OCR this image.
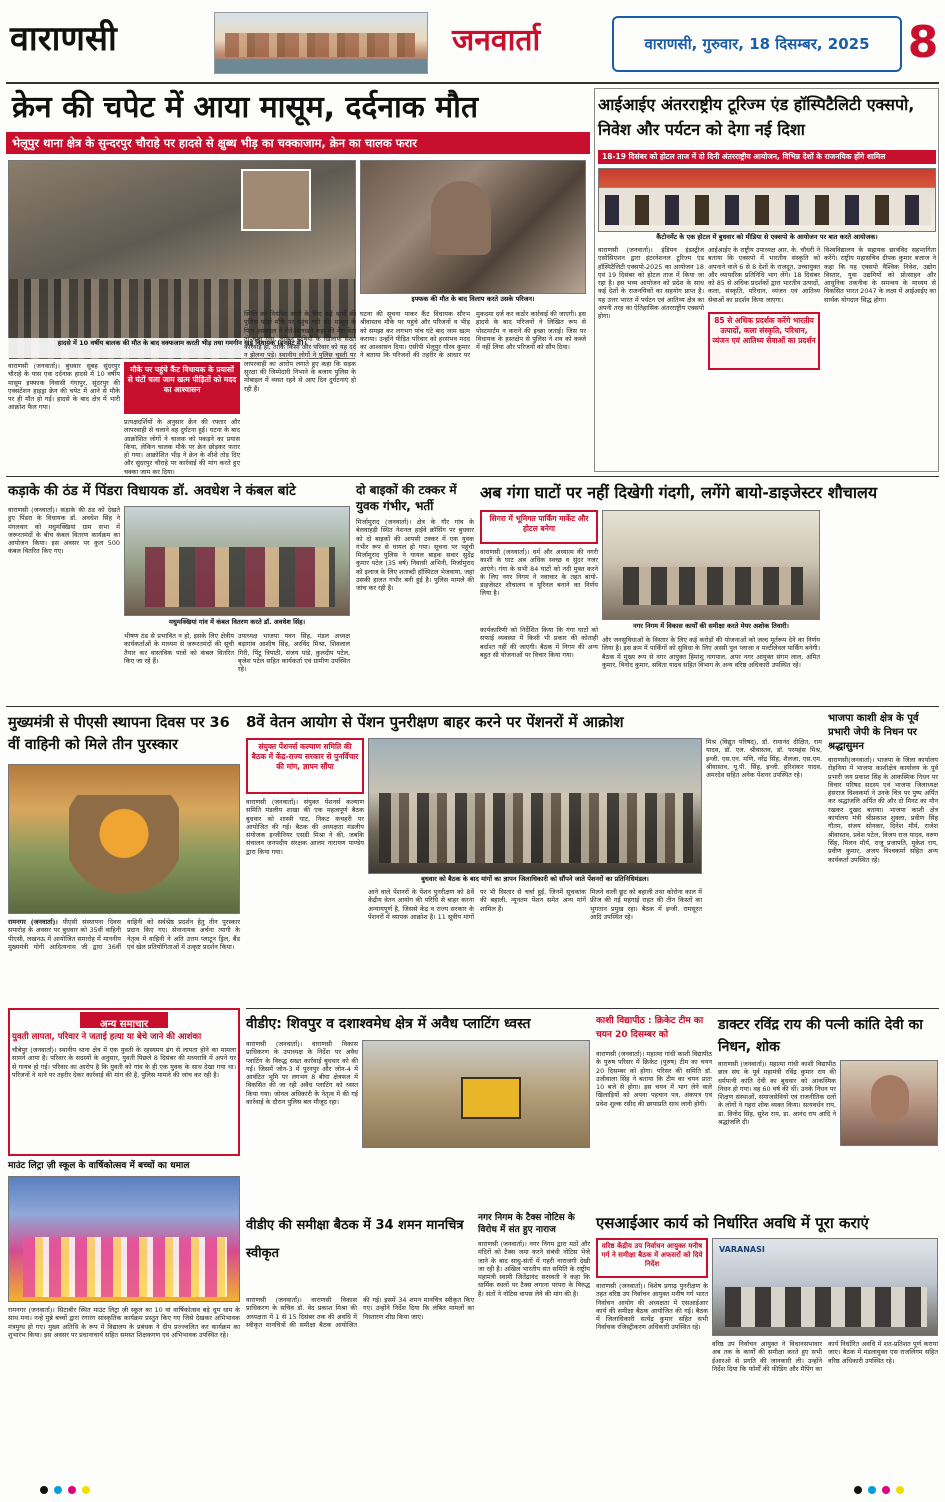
वाराणसी	जनवार्ता	वाराणसी, गुरुवार, 18 दिसम्बर, 2025 8
क्रेन की चपेट में आया मासूम, दर्दनाक मौत
भेलूपुर थाना क्षेत्र के सुन्दरपुर चौराहे पर हादसे से क्षुब्ध भीड़ का चक्काजाम, क्रेन का चालक फरार
हादसे में 10 वर्षीय बालक की मौत के बाद वक्फजाम करती भीड़ तथा गमगीन खड़े विधायक (इनसेट में)।
इफ्फक की मौत के बाद विलाप करते उसके परिजन।
वाराणसी (जनवार्ता)। बुधवार सुबह सुंदरपुर चौराहे के पास एक दर्दनाक हादसे में 10 वर्षीय मासूम इफ्फाक निवासी गंगापुर, सुंदरपुर की एक्सटेंशन हाइड्रा क्रेन की चपेट में आने से मौके पर ही मौत हो गई। हादसे के बाद क्षेत्र में भारी आक्रोश फैल गया।
मौके पर पहुंचे कैंट विधायक के प्रयासों से घंटों चला जाम खत्म पीड़ितों को मदद का आश्वासन
प्रत्यक्षदर्शियों के अनुसार क्रेन की रफ्तार और लापरवाही से चलाने वह दुर्घटना हुई। घटना के बाद आक्रोशित लोगों ने चालक को पकड़ने का प्रयास किया, लेकिन चालक मौके पर क्रेन छोड़कर फरार हो गया। आक्रोशित भीड़ ने क्रेन के शीशे तोड़ दिए और सुंदरपुर चौराहे पर कार्रवाई की मांग करते हुए चक्का जाम कर दिया।
स्थिति को नियंत्रित करने के लिए कई थानों की पुलिस फोर्स मौके पर पहुंच गयी थी। मासूम के पिता इसराइल ने रोते-बिलखते कहा की मेरा बेटा तो चला गया, लेकिन दोषियों के खिलाफ सख्त कार्रवाई हो, ताकि किसी और परिवार को यह दर्द न झेलना पड़े। स्थानीय लोगों ने पुलिस चुस्ती पर लापरवाही का आरोप लगाते हुए कहा कि सड़क सुरक्षा की जिम्मेदारी निभाने के बजाय पुलिस के मोबाइल में व्यस्त रहने से आए दिन दुर्घटनाएं हो रही हैं।
घटना की सूचना पाकर कैंट विधायक सौरभ श्रीवास्तव मौके पर पहुंचे और परिजनों व भीड़ को समझा कर लगभग पांच घंटे बाद जाम खत्म कराया। उन्होंने पीड़ित परिवार को हरसंभव मदद का आश्वासन दिया। एसीपी भेलूपुर गौरव कुमार ने बताया कि परिजनों की तहरीर के आधार पर मुकदमा दर्ज कर कठोर कार्रवाई की जाएगी। इस हादसे के बाद परिजनों ने लिखित रूप से पोस्टमार्टम न कराने की इच्छा जताई। जिस पर विधायक के हस्तक्षेप से पुलिस ने शव को कब्जे में नहीं लिया और परिजनों को सौंप दिया।
आईआईए अंतरराष्ट्रीय टूरिज्म एंड हॉस्पिटैलिटी एक्सपो, निवेश और पर्यटन को देगा नई दिशा
18-19 दिसंबर को होटल ताज में दो दिनी अंतरराष्ट्रीय आयोजन, विभिन्न देशों के राजनयिक होंगे शामिल
कैंटोनमेंट के एक होटल में बुधवार को मीडिया से एक्सपो के आयोजन पर बात करते आयोजक।
वाराणसी (जनवार्ता)। इंडियन इंडस्ट्रीज एसोसिएशन द्वारा इंटरनेशनल टूरिज्म एंड हॉस्पिटैलिटी एक्सपो-2025 का आयोजन 18 एवं 19 दिसंबर को होटल ताज में किया जा रहा है। इस भव्य आयोजन को प्रदेश के साथ कई देशों के राजनयिकों का सहयोग प्राप्त है। यह उत्तर भारत में पर्यटन एवं आतिथ्य क्षेत्र का अपनी तरह का ऐतिहासिक अंतरराष्ट्रीय एक्सपो होगा।	85 से अधिक प्रदर्शक करेंगे भारतीय उत्पादों, कला संस्कृति, परिधान, व्यंजन एवं आतिथ्य सेवाओं का प्रदर्शन
आईआईए के राष्ट्रीय उपाध्यक्ष आर. के. चौधरी ने बताया कि एक्सपो में भारतीय संस्कृति को अपनाने वाले 6 से 8 देशों के राजदूत, उच्चायुक्त और व्यापारिक प्रतिनिधि भाग लेंगे। 18 दिसंबर को 85 से अधिक प्रदर्शकों द्वारा भारतीय उत्पादों, कला, संस्कृति, परिधान, व्यंजन एवं आतिथ्य सेवाओं का प्रदर्शन किया जाएगा।
विश्वविद्यालय के सहायक छात्रविद सहभागिता करेंगे। राष्ट्रीय महासचिव दीपक कुमार बजाज ने कहा कि यह एक्सपो वैश्विक निवेश, उद्योग विस्तार, युवा उद्यमियों को प्रोत्साहन और आधुनिक तकनीक के समन्वय के माध्यम से विकसित भारत 2047 के लक्ष्य में आईआईए का सार्थक योगदान सिद्ध होगा।
कड़ाके की ठंड में पिंडरा विधायक डॉ. अवधेश ने कंबल बांटे
वाराणसी (जनवार्ता)। कड़ाके की ठंड को देखते हुए पिंडरा के विधायक डॉ. अवधेश सिंह ने मंगलवार को मधुमक्खियां ग्राम सभा में जरूरतमंदों के बीच कंबल वितरण कार्यक्रम का आयोजन किया। इस अवसर पर कुल 500 कंबल वितरित किए गए।
मधुमक्खियां गांव में कंबल वितरण करते डॉ. अवधेश सिंह।
भीषण ठंड से प्रभावित न हो, इसके लिए क्षेत्रीय कार्यकर्ताओं के माध्यम से जरूरतमंदों की सूची तैयार कर वास्तविक पात्रों को कंबल वितरित किए जा रहे हैं।
उपाध्यक्ष भाजपा पवन सिंह, मंडल अध्यक्ष बड़ागांव आशीष सिंह, अरविंद मिश्रा, शिवलाल गिरी, पिंटू त्रिपाठी, संजय पांडे, कुलदीप पटेल, बृजेश पटेल सहित कार्यकर्ता एवं ग्रामीण उपस्थित रहे।
दो बाइकों की टक्कर में युवक गंभीर, भर्ती
मिर्जामुराद (जनवार्ता)। क्षेत्र के गौर गांव के बेलवाहड़ी स्थित नेशनल हाईवे क्रॉसिंग पर बुधवार को दो बाइकों की आपसी टक्कर में एक युवक गंभीर रूप से घायल हो गया। सूचना पर पहुंची मिर्जामुराद पुलिस ने घायल बाइक सवार सुदेंद्र कुमार पटेल (35 वर्ष) निवासी अभिनी, मिर्जामुराद को इलाज के लिए शताब्दी हॉस्पिटल भेजवाया, जहां उसकी हालत गंभीर बनी हुई है। पुलिस मामले की जांच कर रही है।
अब गंगा घाटों पर नहीं दिखेगी गंदगी, लगेंगे बायो-डाइजेस्टर शौचालय
सिगरा में भूमिगत पार्किंग मार्केट और होटल बनेगा
वाराणसी (जनवार्ता)। धर्म और अध्यात्म की नगरी काशी के घाट अब अधिक स्वच्छ व सुंदर नजर आएंगे। गंगा के सभी 84 घाटों को नदी मुक्त करने के लिए नगर निगम ने नवाचार के तहत बायो-डाइजेस्टर शौचालय व यूरिनल बनाने का निर्णय लिया है।
नगर निगम में विकास कार्यों की समीक्षा करते मेयर अशोक तिवारी।
कार्यकारिणी को निर्देशित किया कि गंगा घाटों को सफाई व्यवस्था में किसी भी प्रकार की कोताही बर्दाश्त नहीं की जाएगी। बैठक में निगम की अन्य बहुत सी योजनाओं पर विचार किया गया।
और जनसुविधाओं के विस्तार के लिए कई करोड़ों की योजनाओं को जल्द मूर्तरूप देने का निर्णय लिया है। इस क्रम में पार्किंगों को सुविधा के लिए अस्सी पुल प्लाजा व मल्टीलेवल पार्किंग बनेगी। बैठक में मुख्य रूप से नगर आयुक्त हिमांशु नागपाल, अपर नगर आयुक्त संगम लाल, अमित कुमार, विनोद कुमार, सविता यादव सहित विभाग के अन्य वरिष्ठ अधिकारी उपस्थित रहे।
मुख्यमंत्री से पीएसी स्थापना दिवस पर 36 वीं वाहिनी को मिले तीन पुरस्कार
रामनगर (जनवार्ता)। पीएसी संस्थापना दिवस समारोह के अवसर पर बुधवार को 35वीं वाहिनी पीएसी, लखनऊ में आयोजित समारोह में माननीय मुख्यमंत्री योगी आदित्यनाथ जी द्वारा 36वीं वाहिनी को सर्वश्रेष्ठ प्रदर्शन हेतु तीन पुरस्कार प्रदान किए गए। सेनानायक अर्चना त्यागी के नेतृत्व में वाहिनी ने अति उत्तम प्लाटून ड्रिल, बैंड एवं खेल प्रतियोगिताओं में उत्कृष्ट प्रदर्शन किया।
8वें वेतन आयोग से पेंशन पुनरीक्षण बाहर करने पर पेंशनरों में आक्रोश
संयुक्त पेंशनर्स कल्याण समिति की बैठक में केंद्र-राज्य सरकार से पुनर्विचार की मांग, ज्ञापन सौंपा
वाराणसी (जनवार्ता)। संयुक्त पेंशनर्स कल्याण समिति मंडलीय शाखा की एक महत्वपूर्ण बैठक बुधवार को शास्त्री घाट, निकट कचहरी पर आयोजित की गई। बैठक की अध्यक्षता मंडलीय संयोजक इन्जीनियर एसडी मिश्रा ने की, जबकि संचालन जनपदीय संरक्षक आलम नारायण पाण्डेय द्वारा किया गया।
बुधवार को बैठक के बाद मांगों का ज्ञापन जिलाधिकारी को सौंपने जाते पेंशनरों का प्रतिनिधिमंडल।
आने वाले पेंशनरों के पेंशन पुनरीक्षण को 8वें केंद्रीय वेतन आयोग की परिधि से बाहर करना अन्यायपूर्ण है, जिससे केंद्र व राज्य सरकार के पेंशनरों में व्यापक आक्रोश है। 11 सूत्रीय मांगों पर भी विस्तार से चर्चा हुई, जिनमें सूचकांक की बहाली, न्यूनतम पेंशन समेत अन्य मांगें शामिल हैं।
मिलने वाली छूट को बहाली तथा कोरोना काल में फ्रीज की गई महंगाई राहत की तीन किस्तों का भुगतान प्रमुख रहा। बैठक में इन्जी. रामसूरत आदि उपस्थित रहे।
मिश्र (विद्युत परिषद), डॉ. रामानंद दीक्षित, राम यादव, डॉ. एल. श्रीवास्तव, डॉ. परमहंस मिश्र, इन्जी. एस.एन. मणि, नरेंद्र सिंह, शैलजा, एस.एम. श्रीवास्तव, यू.पी. सिंह, इन्जी. हरिशंकर यादव, अमरदेव सहित अनेक पेंशनर उपस्थित रहे।
भाजपा काशी क्षेत्र के पूर्व प्रभारी जेपी के निधन पर श्रद्धासुमन
वाराणसी(जनवार्ता)। भाजपा के जिला कार्यालय रोहनिया में भाजपा काशीक्षेत्र कार्यालय के पूर्व प्रभारी जय प्रकाश सिंह के आकस्मिक निधन पर विचार परिषद सदस्य एवं भाजपा जिलाध्यक्ष हंसराज विश्वकर्मा ने उनके चित्र पर पुष्प अर्पित कर श्रद्धांजलि अर्पित की और दो मिनट का मौन रखकर दुखद बताया। भाजपा काशी क्षेत्र कार्यालय मंत्री श्रीप्रकाश शुक्ला, प्रवीण सिंह गौतम, संजय सोनकर, दिनेश मौर्य, राजेश श्रीवास्तव, प्रवेश पटेल, विजय राज यादव, वरुण सिंह, मिलन मौर्य, राजू प्रजापति, मुकेश राय, प्रवीण कुमार, अजय विश्वकर्मा सहित अन्य कार्यकर्ता उपस्थित रहे।
अन्य समाचार
युवती लापता, परिवार ने जताई हत्या या बेचे जाने की आशंका
चौबेपुर (जनवार्ता)। स्थानीय थाना क्षेत्र में एक युवती के रहस्यमय ढंग से लापता होने का मामला सामने आया है। परिवार के सदस्यों के अनुसार, युवती पिछले 8 दिसंबर की मध्यरात्रि में अपने घर से गायब हो गई। परिवार का आरोप है कि युवती को गांव के ही एक युवक के साथ देखा गया था। परिजनों ने थाने पर तहरीर देकर कार्रवाई की मांग की है, पुलिस मामले की जांच कर रही है।
माउंट लिट्रा ज़ी स्कूल के वार्षिकोत्सव में बच्चों का धमाल
रामनगर (जनवार्ता)। सिटाबीर स्थित माउंट लिट्रा ज़ी स्कूल का 10 वां वार्षिकोत्सव बड़े धूम धाम के साथ मना। नन्हे मुन्ने बच्चों द्वारा रंगारंग सांस्कृतिक कार्यक्रम प्रस्तुत किए गए जिसे देखकर अभिभावक मंत्रमुग्ध हो गए। मुख्य अतिथि के रूप में विद्यालय के प्रबंधक ने दीप प्रज्ज्वलित कर कार्यक्रम का शुभारंभ किया। इस अवसर पर प्रधानाचार्य सहित समस्त शिक्षकगण एवं अभिभावक उपस्थित रहे।
वीडीए: शिवपुर व दशाश्वमेध क्षेत्र में अवैध प्लाटिंग ध्वस्त
वाराणसी (जनवार्ता)। वाराणसी विकास प्राधिकरण के उपाध्यक्ष के निर्देश पर अवैध प्लाटिंग के विरुद्ध सख्त कार्रवाई बुधवार को की गई। जिसमें जोन-3 में पूरनपुर और जोन-4 में आवंटित भूमि पर लगभग 8 बीघा क्षेत्रफल में विकसित की जा रही अवैध प्लाटिंग को ध्वस्त किया गया। जोनल अधिकारी के नेतृत्व में की गई कार्रवाई के दौरान पुलिस बल मौजूद रहा।
वीडीए की समीक्षा बैठक में 34 शमन मानचित्र स्वीकृत
वाराणसी (जनवार्ता)। वाराणसी विकास प्राधिकरण के सचिव डॉ. वेद प्रकाश मिश्रा की अध्यक्षता में 1 से 15 दिसंबर तक की अवधि में स्वीकृत मानचित्रों की समीक्षा बैठक आयोजित की गई। इसमें 34 शमन मानचित्र स्वीकृत किए गए। उन्होंने निर्देश दिया कि लंबित मामलों का निस्तारण शीघ्र किया जाए।
काशी विद्यापीठ : क्रिकेट टीम का चयन 20 दिसम्बर को
वाराणसी (जनवार्ता)। महात्मा गांधी काशी विद्यापीठ के पुरुष परिसर में क्रिकेट (पुरुष) टीम का चयन 20 दिसम्बर को होगा। परिसर की समिति डॉ. उजीवाला सिंह ने बताया कि टीम का चयन प्रातः 10 बजे से होगा। इस चयन में भाग लेने वाले खिलाड़ियों को अपना पहचान पत्र, अंकपत्र एवं प्रवेश शुल्क रसीद की छायाप्रति साथ लानी होगी।
डाक्टर रविंद्र राय की पत्नी कांति देवी का निधन, शोक
वाराणसी (जनवार्ता)। महात्मा गांधी काशी विद्यापीठ छात्र संघ के पूर्व महामंत्री रविंद्र कुमार राय की धर्मपत्नी कांति देवी का बुधवार को आकस्मिक निधन हो गया। वह 60 वर्ष की थीं। उनके निधन पर शिक्षण संस्थाओं, समाजसेवियों एवं राजनीतिक दलों के लोगों ने गहरा शोक व्यक्त किया। सत्यवर्धन राय, डा. विनोद सिंह, सुरेश राय, डा. आनंद राय आदि ने श्रद्धांजलि दी।
नगर निगम के टैक्स नोटिस के विरोध में संत हुए नाराज
वाराणसी (जनवार्ता)। नगर निगम द्वारा मठों और मंदिरों को टैक्स जमा करने संबंधी नोटिस भेजे जाने के बाद साधु-संतों में गहरी नाराजगी देखी जा रही है। अखिल भारतीय संत समिति के राष्ट्रीय महामंत्री स्वामी जितेंद्रानंद सरस्वती ने कहा कि धार्मिक स्थलों पर टैक्स लगाना परंपरा के विरुद्ध है। संतों ने नोटिस वापस लेने की मांग की है।
एसआईआर कार्य को निर्धारित अवधि में पूरा कराएं
वरिष्ठ केंद्रीय उप निर्वाचन आयुक्त मनीष गर्ग ने समीक्षा बैठक में अफसरों को दिये निर्देश
वाराणसी (जनवार्ता)। विशेष प्रगाढ़ पुनरीक्षण के तहत वरिष्ठ उप निर्वाचन आयुक्त मनीष गर्ग भारत निर्वाचन आयोग की अध्यक्षता में एसआईआर कार्य की समीक्षा बैठक आयोजित की गई। बैठक में जिलाधिकारी सत्येंद्र कुमार सहित सभी निर्वाचक रजिस्ट्रीकरण अधिकारी उपस्थित रहे।
VARANASI
वरिष्ठ उप निर्वाचन आयुक्त ने विधानसभावार अब तक के कार्यों की समीक्षा करते हुए सभी ईआरओ से प्रगति की जानकारी ली। उन्होंने निर्देश दिया कि फॉर्मों की फीडिंग और मैपिंग का कार्य निर्धारित अवधि में शत-प्रतिशत पूर्ण कराया जाए। बैठक में मंडलायुक्त एस राजलिंगम सहित वरिष्ठ अधिकारी उपस्थित रहे।
